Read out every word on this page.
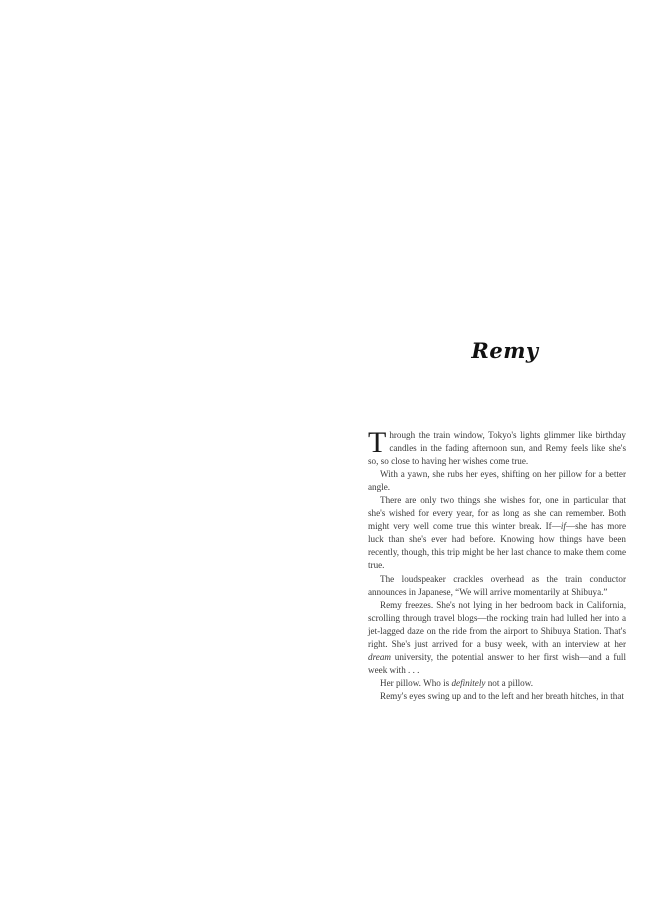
Remy

Through the train window, Tokyo's lights glimmer like birthday candles in the fading afternoon sun, and Remy feels like she's so, so close to having her wishes come true.

With a yawn, she rubs her eyes, shifting on her pillow for a better angle.

There are only two things she wishes for, one in particular that she's wished for every year, for as long as she can remember. Both might very well come true this winter break. If—if—she has more luck than she's ever had before. Knowing how things have been recently, though, this trip might be her last chance to make them come true.

The loudspeaker crackles overhead as the train conductor announces in Japanese, “We will arrive momentarily at Shibuya.”

Remy freezes. She's not lying in her bedroom back in California, scrolling through travel blogs—the rocking train had lulled her into a jet-lagged daze on the ride from the airport to Shibuya Station. That's right. She's just arrived for a busy week, with an interview at her dream university, the potential answer to her first wish—and a full week with . . .

Her pillow. Who is definitely not a pillow.

Remy's eyes swing up and to the left and her breath hitches, in that
